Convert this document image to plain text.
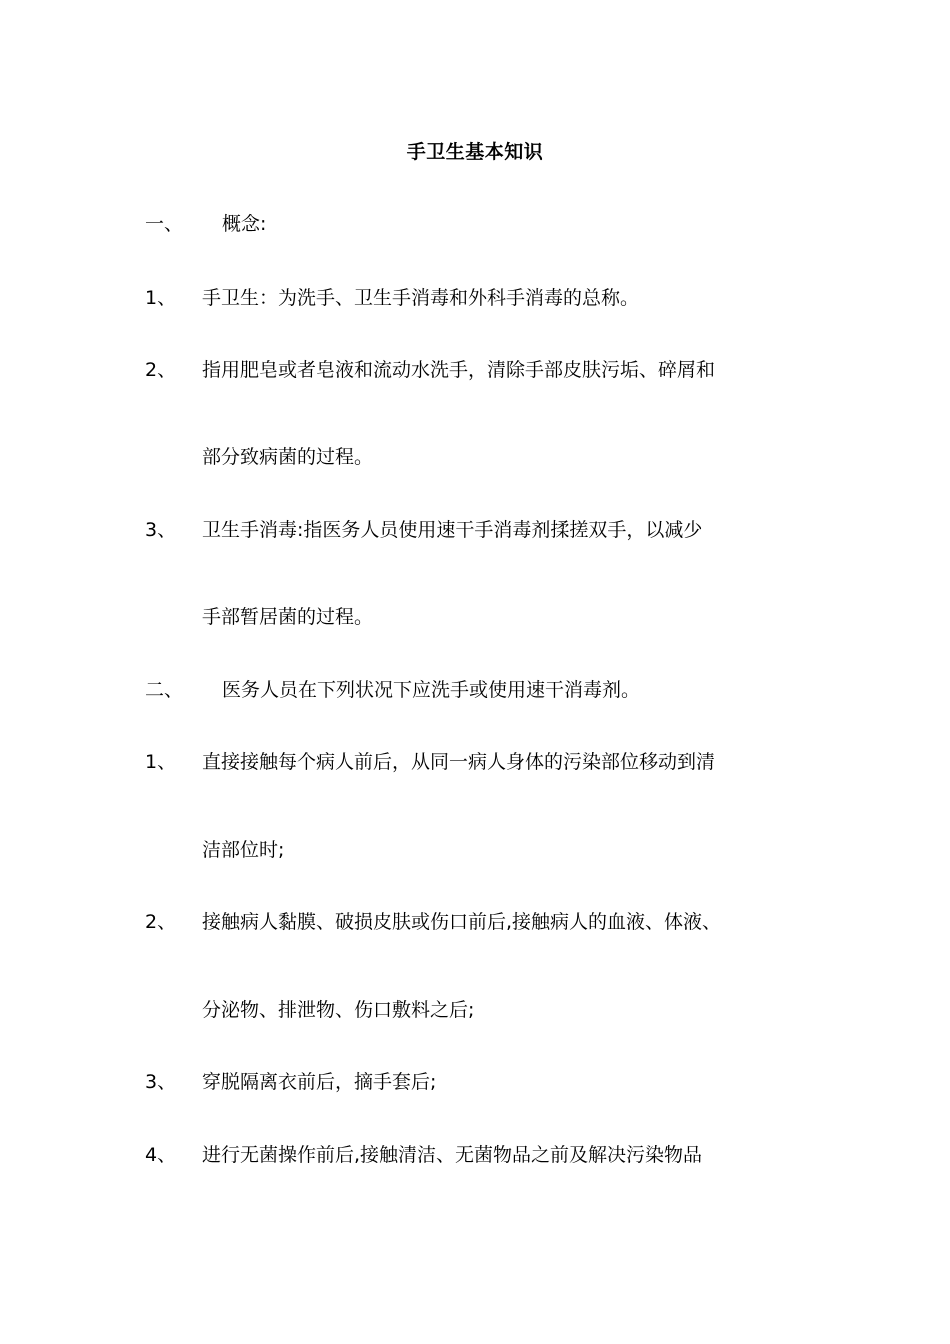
手卫生基本知识
一、 概念:
1、 手卫生：为洗手、卫生手消毒和外科手消毒的总称。
2、 指用肥皂或者皂液和流动水洗手，清除手部皮肤污垢、碎屑和
部分致病菌的过程。
3、 卫生手消毒:指医务人员使用速干手消毒剂揉搓双手，以减少
手部暂居菌的过程。
二、 医务人员在下列状况下应洗手或使用速干消毒剂。
1、 直接接触每个病人前后，从同一病人身体的污染部位移动到清
洁部位时;
2、 接触病人黏膜、破损皮肤或伤口前后,接触病人的血液、体液、
分泌物、排泄物、伤口敷料之后;
3、 穿脱隔离衣前后，摘手套后;
4、 进行无菌操作前后,接触清洁、无菌物品之前及解决污染物品
